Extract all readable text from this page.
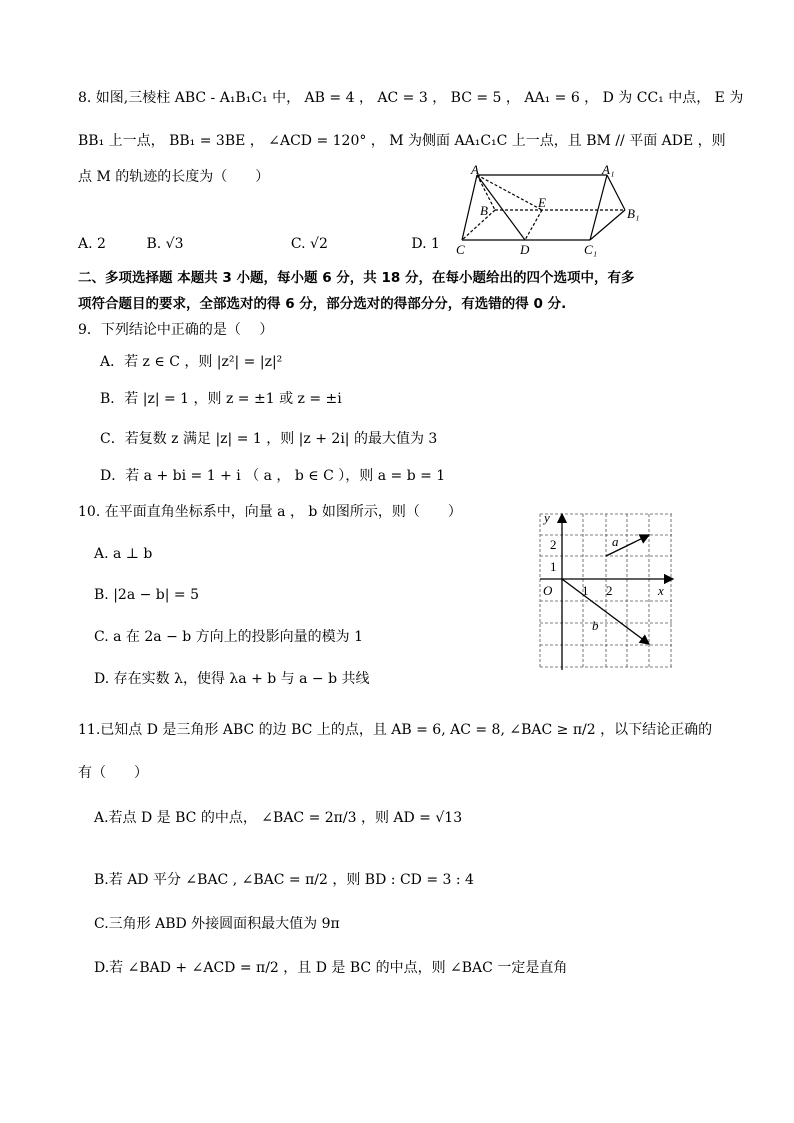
8. 如图,三棱柱 ABC - A₁B₁C₁ 中， AB = 4 ， AC = 3 ， BC = 5 ， AA₁ = 6 ， D 为 CC₁ 中点， E 为
BB₁ 上一点， BB₁ = 3BE ， ∠ACD = 120° ， M 为侧面 AA₁C₁C 上一点，且 BM // 平面 ADE ，则
点 M 的轨迹的长度为（　　）
A. 2	B. √3	C. √2	D. 1
A	A₁
B	B₁
E
C	D	C₁
二、多项选择题 本题共 3 小题，每小题 6 分，共 18 分，在每小题给出的四个选项中，有多
项符合题目的要求，全部选对的得 6 分，部分选对的得部分分，有选错的得 0 分.
9．下列结论中正确的是（　 ）
A．若 z ∈ C ，则 |z²| = |z|²
B．若 |z| = 1 ，则 z = ±1 或 z = ±i
C．若复数 z 满足 |z| = 1 ，则 |z + 2i| 的最大值为 3
D．若 a + bi = 1 + i （ a ， b ∈ C ），则 a = b = 1
10. 在平面直角坐标系中，向量 a ， b 如图所示，则（　　）
A. a ⊥ b
B. |2a − b| = 5
C. a 在 2a − b 方向上的投影向量的模为 1
D. 存在实数 λ，使得 λa + b 与 a − b 共线
y
x
O 1 2
1
2	a
b
11.已知点 D 是三角形 ABC 的边 BC 上的点，且 AB = 6, AC = 8, ∠BAC ≥ π/2 ，以下结论正确的
有（　　）
A.若点 D 是 BC 的中点， ∠BAC = 2π/3 ，则 AD = √13
B.若 AD 平分 ∠BAC , ∠BAC = π/2 ，则 BD : CD = 3 : 4
C.三角形 ABD 外接圆面积最大值为 9π
D.若 ∠BAD + ∠ACD = π/2 ，且 D 是 BC 的中点，则 ∠BAC 一定是直角
